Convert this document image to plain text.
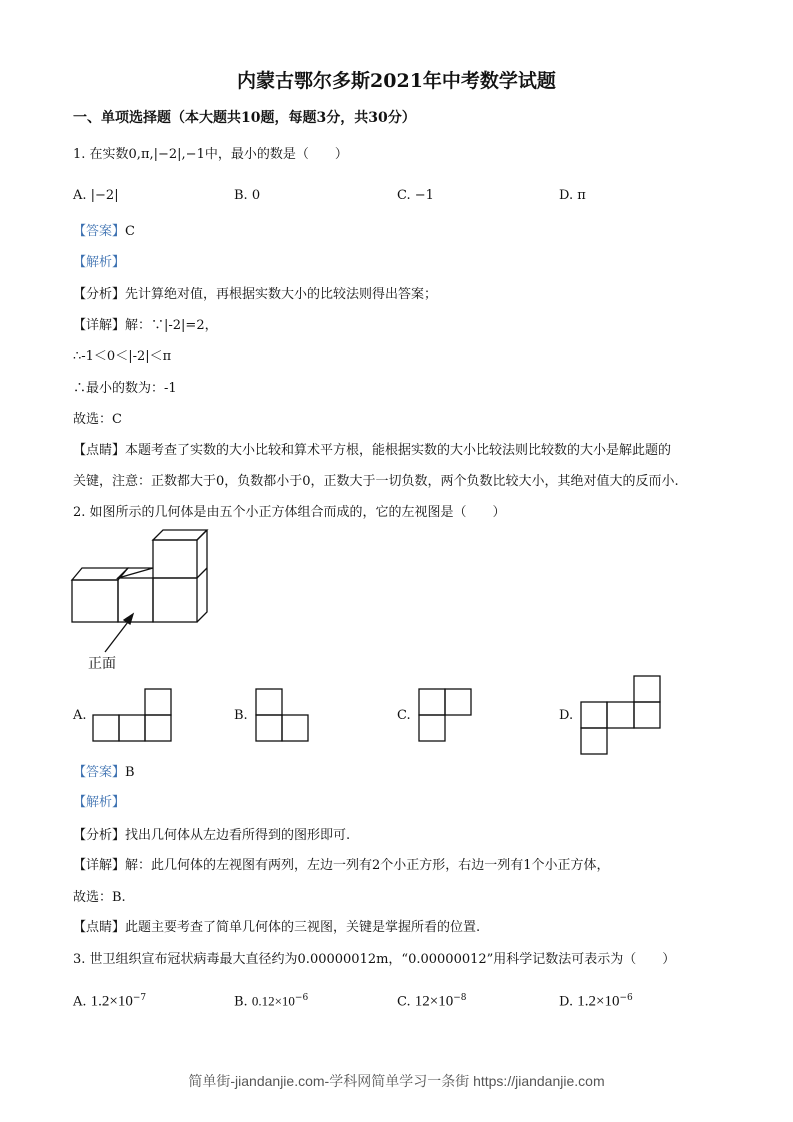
内蒙古鄂尔多斯2021年中考数学试题
一、单项选择题（本大题共10题，每题3分，共30分）
1. 在实数0,π,|−2|,−1中，最小的数是（　　）
A. |−2|	B. 0	C. −1	D. π
【答案】C
【解析】
【分析】先计算绝对值，再根据实数大小的比较法则得出答案；
【详解】解：∵|-2|=2，
∴-1＜0＜|-2|＜π
∴最小的数为：-1
故选：C
【点睛】本题考查了实数的大小比较和算术平方根，能根据实数的大小比较法则比较数的大小是解此题的
关键，注意：正数都大于0，负数都小于0，正数大于一切负数，两个负数比较大小，其绝对值大的反而小.
2. 如图所示的几何体是由五个小正方体组合而成的，它的左视图是（　　）
正面
A.	B.	C.	D.
【答案】B
【解析】
【分析】找出几何体从左边看所得到的图形即可.
【详解】解：此几何体的左视图有两列，左边一列有2个小正方形，右边一列有1个小正方体，
故选：B.
【点睛】此题主要考查了简单几何体的三视图，关键是掌握所看的位置.
3. 世卫组织宣布冠状病毒最大直径约为0.00000012m，“0.00000012”用科学记数法可表示为（　　）
A. $1.2\times 10^{-7}$	B. $0.12\times 10^{-6}$	C. $12\times 10^{-8}$	D. $1.2\times 10^{-6}$
简单街-jiandanjie.com-学科网简单学习一条街 https://jiandanjie.com
